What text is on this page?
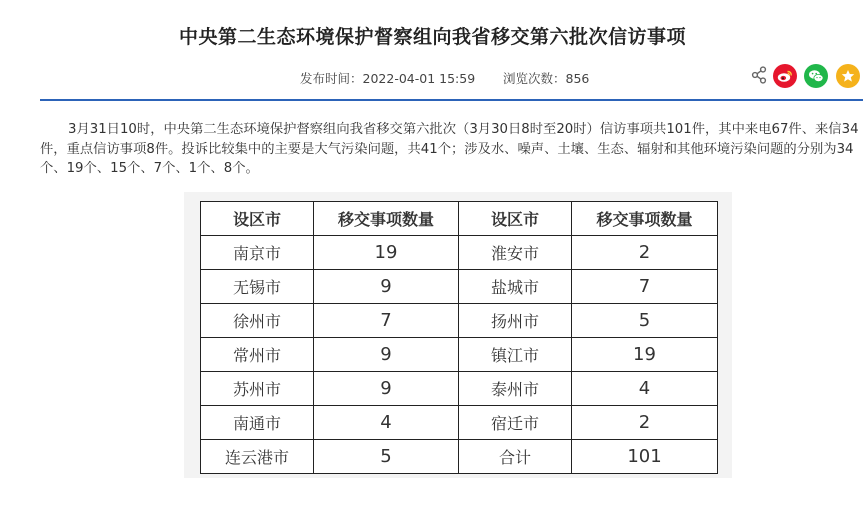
中央第二生态环境保护督察组向我省移交第六批次信访事项
发布时间：2022-04-01 15:59 浏览次数：856

3月31日10时，中央第二生态环境保护督察组向我省移交第六批次（3月30日8时至20时）信访事项共101件，其中来电67件、来信34件，重点信访事项8件。投诉比较集中的主要是大气污染问题，共41个；涉及水、噪声、土壤、生态、辐射和其他环境污染问题的分别为34个、19个、15个、7个、1个、8个。

设区市	移交事项数量	设区市	移交事项数量
南京市	19	淮安市	2
无锡市	9	盐城市	7
徐州市	7	扬州市	5
常州市	9	镇江市	19
苏州市	9	泰州市	4
南通市	4	宿迁市	2
连云港市	5	合计	101
